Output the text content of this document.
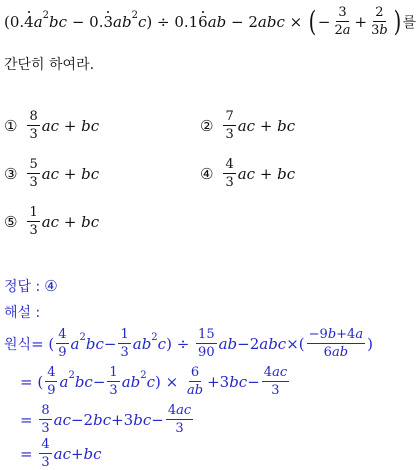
(0. 4 $a^2$ bc − 0. 3 $ab^2$ c ) ÷ 0.1 6 ab − 2 abc × ( − $\frac{3}{2a} + \frac{2}{3b}$ ) 를
간단히 하여라.
① $\frac{8}{3}$ ac + bc	② $\frac{7}{3}$ ac + bc
③ $\frac{5}{3}$ ac + bc	④ $\frac{4}{3}$ ac + bc
⑤ $\frac{1}{3}$ ac + bc
정답 : ④
해설 :
원식 = ( $\frac{4}{9} a^2$ bc − $\frac{1}{3} ab^2$ c ) ÷ $\frac{15}{90}$ ab −2 abc ×( $\frac{-9b+4a}{6ab}$ )
= ( $\frac{4}{9} a^2$ bc − $\frac{1}{3} ab^2$ c ) × $\frac{6}{ab} +3$ bc − $\frac{4ac}{3}$
= $\frac{8}{3}$ ac −2 bc +3 bc − $\frac{4ac}{3}$
= $\frac{4}{3}$ ac + bc
